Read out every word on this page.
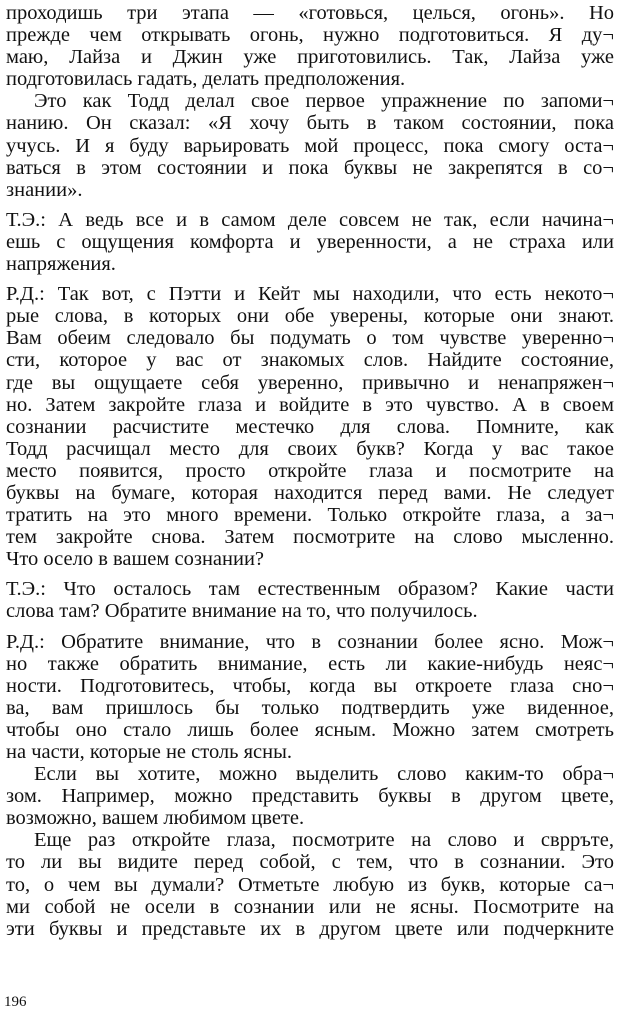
проходишь три этапа — «готовься, целься, огонь». Но
прежде чем открывать огонь, нужно подготовиться. Я ду¬
маю, Лайза и Джин уже приготовились. Так, Лайза уже
подготовилась гадать, делать предположения.
Это как Тодд делал свое первое упражнение по запоми¬
нанию. Он сказал: «Я хочу быть в таком состоянии, пока
учусь. И я буду варьировать мой процесс, пока смогу оста¬
ваться в этом состоянии и пока буквы не закрепятся в со¬
знании».
Т.Э.: А ведь все и в самом деле совсем не так, если начина¬
ешь с ощущения комфорта и уверенности, а не страха или
напряжения.
Р.Д.: Так вот, с Пэтти и Кейт мы находили, что есть некото¬
рые слова, в которых они обе уверены, которые они знают.
Вам обеим следовало бы подумать о том чувстве уверенно¬
сти, которое у вас от знакомых слов. Найдите состояние,
где вы ощущаете себя уверенно, привычно и ненапряжен¬
но. Затем закройте глаза и войдите в это чувство. А в своем
сознании расчистите местечко для слова. Помните, как
Тодд расчищал место для своих букв? Когда у вас такое
место появится, просто откройте глаза и посмотрите на
буквы на бумаге, которая находится перед вами. Не следует
тратить на это много времени. Только откройте глаза, а за¬
тем закройте снова. Затем посмотрите на слово мысленно.
Что осело в вашем сознании?
Т.Э.: Что осталось там естественным образом? Какие части
слова там? Обратите внимание на то, что получилось.
Р.Д.: Обратите внимание, что в сознании более ясно. Мож¬
но также обратить внимание, есть ли какие-нибудь неяс¬
ности. Подготовитесь, чтобы, когда вы откроете глаза сно¬
ва, вам пришлось бы только подтвердить уже виденное,
чтобы оно стало лишь более ясным. Можно затем смотреть
на части, которые не столь ясны.
Если вы хотите, можно выделить слово каким-то обра¬
зом. Например, можно представить буквы в другом цвете,
возможно, вашем любимом цвете.
Еще раз откройте глаза, посмотрите на слово и сврръте,
то ли вы видите перед собой, с тем, что в сознании. Это
то, о чем вы думали? Отметьте любую из букв, которые са¬
ми собой не осели в сознании или не ясны. Посмотрите на
эти буквы и представьте их в другом цвете или подчеркните
196
